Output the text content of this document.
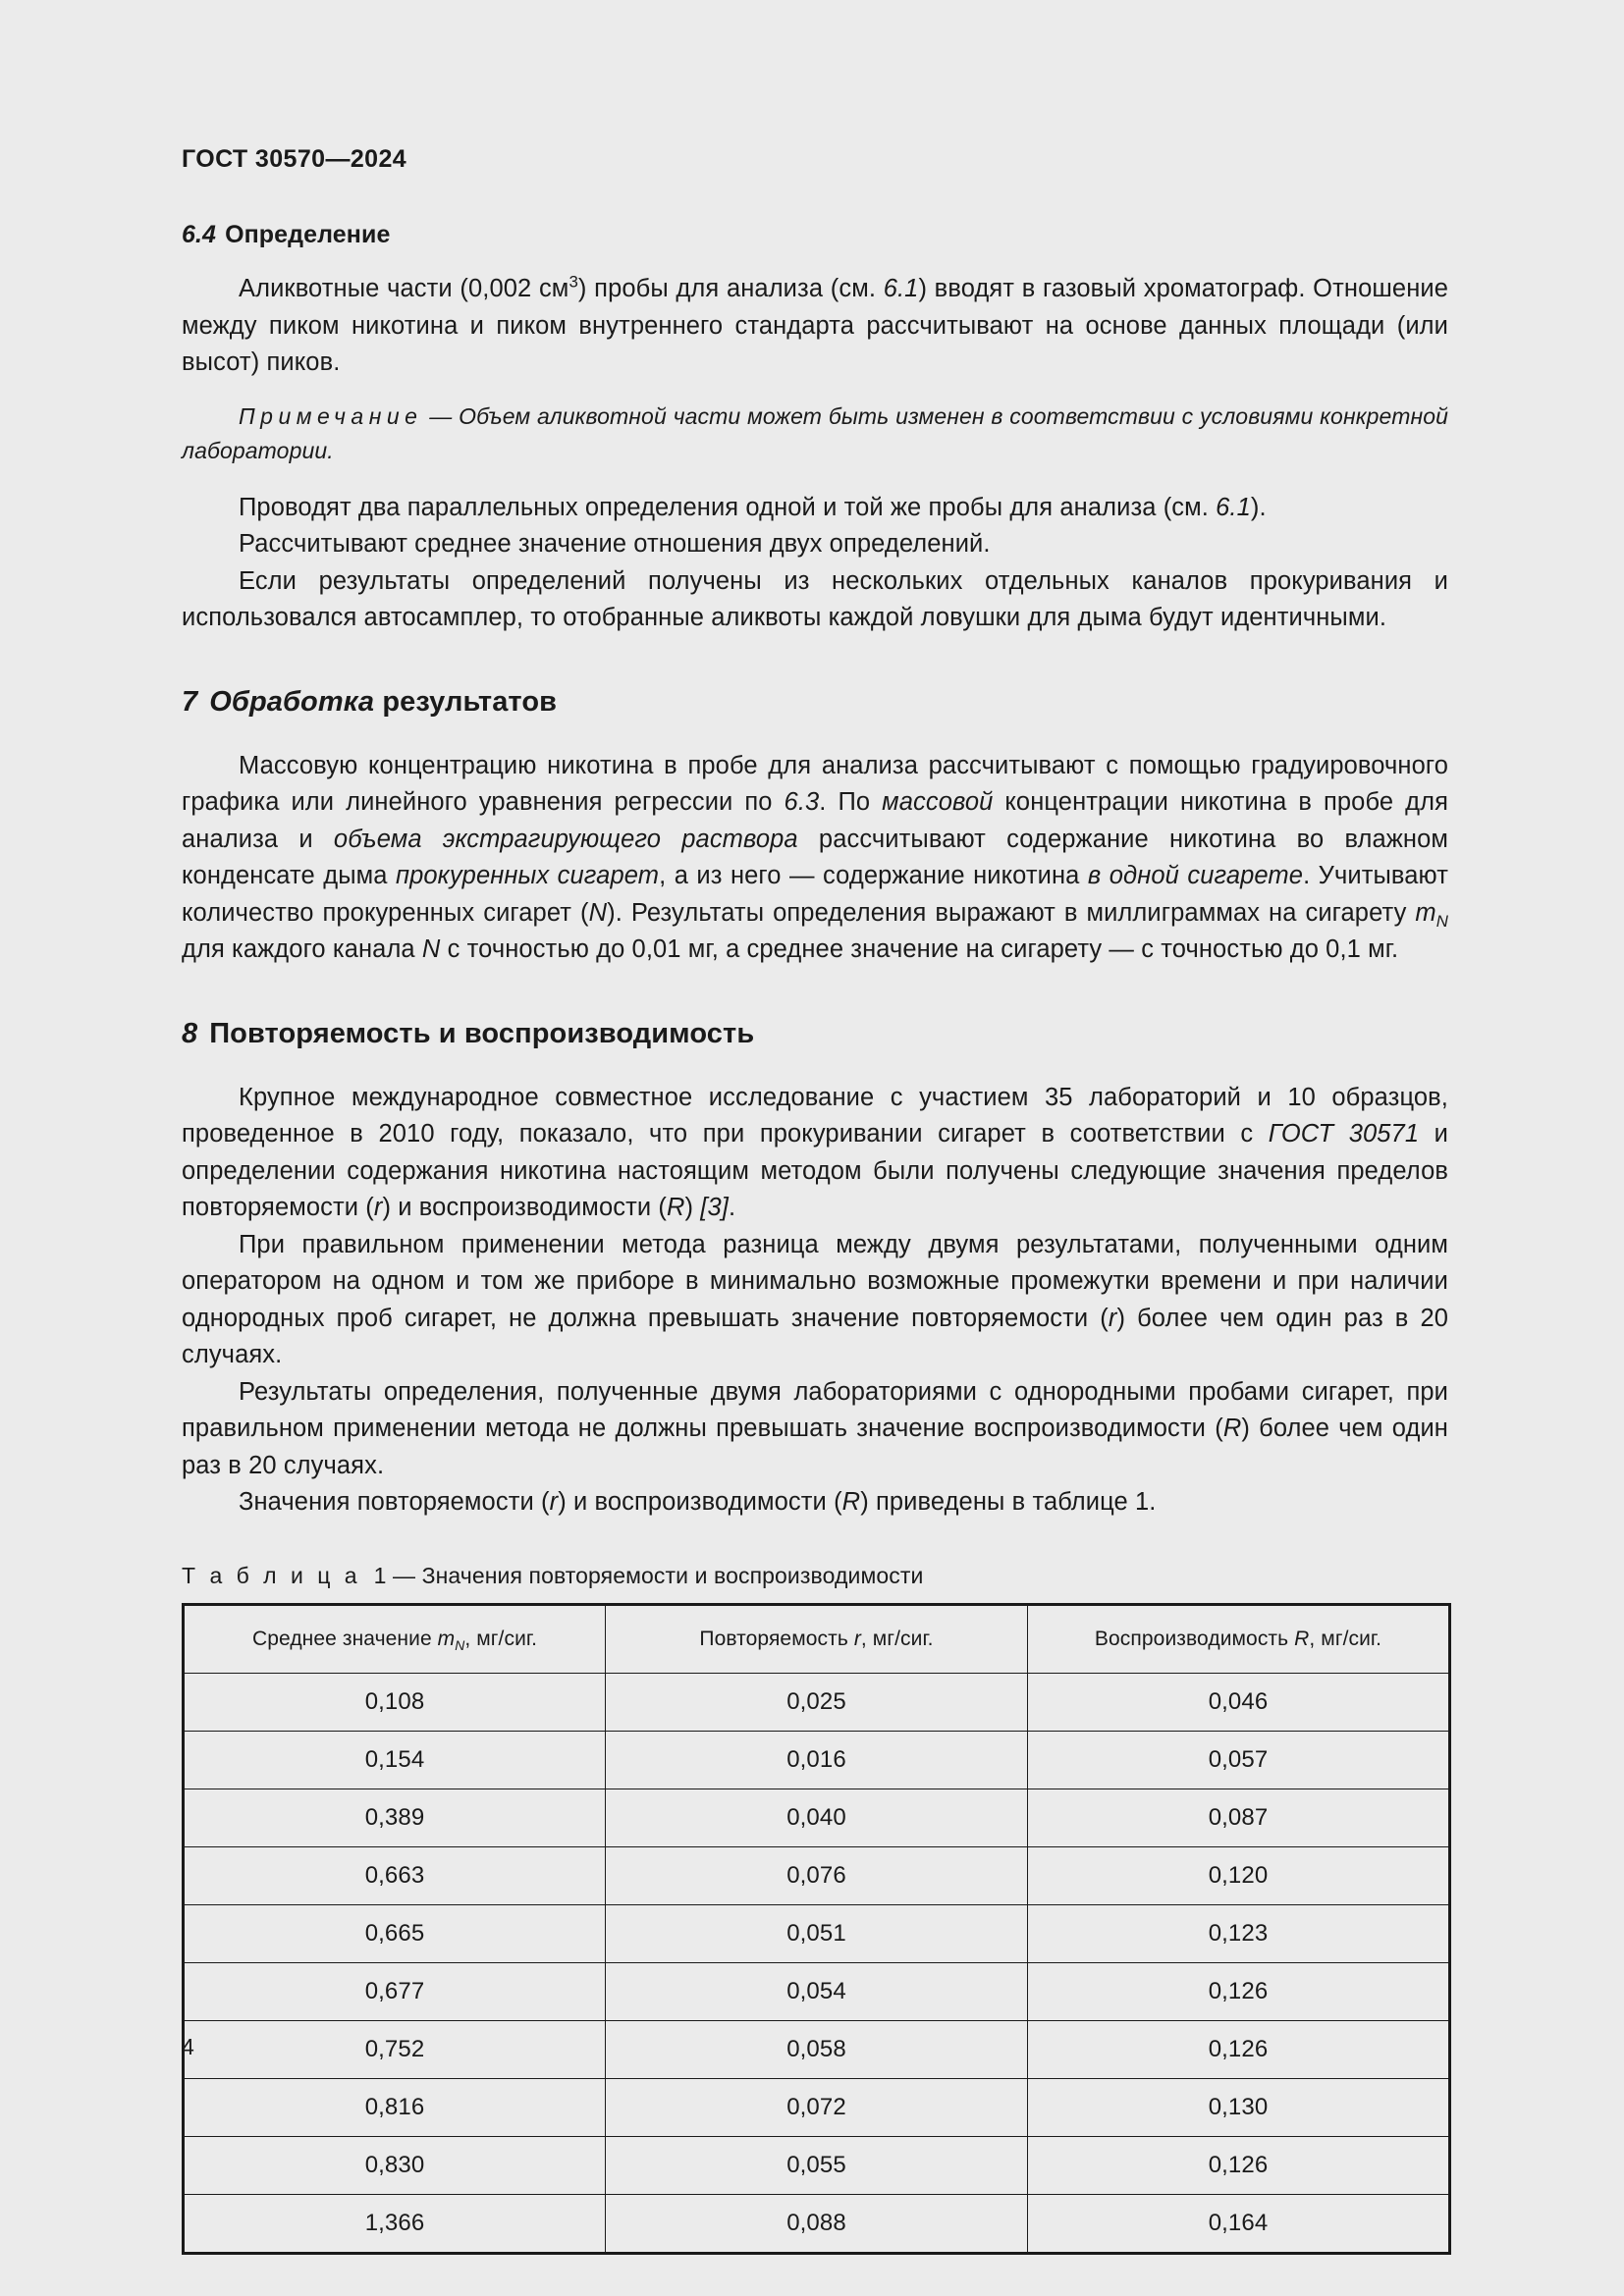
ГОСТ 30570—2024
6.4 Определение

Аликвотные части (0,002 $см^3$) пробы для анализа (см. 6.1) вводят в газовый хроматограф. Отношение между пиком никотина и пиком внутреннего стандарта рассчитывают на основе данных площади (или высот) пиков.

Примечание — Объем аликвотной части может быть изменен в соответствии с условиями конкретной лаборатории.

Проводят два параллельных определения одной и той же пробы для анализа (см. 6.1).

Рассчитывают среднее значение отношения двух определений.

Если результаты определений получены из нескольких отдельных каналов прокуривания и использовался автосамплер, то отобранные аликвоты каждой ловушки для дыма будут идентичными.

7 Обработка результатов

Массовую концентрацию никотина в пробе для анализа рассчитывают с помощью градуировочного графика или линейного уравнения регрессии по 6.3. По массовой концентрации никотина в пробе для анализа и объема экстрагирующего раствора рассчитывают содержание никотина во влажном конденсате дыма прокуренных сигарет, а из него — содержание никотина в одной сигарете. Учитывают количество прокуренных сигарет (N). Результаты определения выражают в миллиграммах на сигарету $m_N$ для каждого канала N с точностью до 0,01 мг, а среднее значение на сигарету — с точностью до 0,1 мг.

8 Повторяемость и воспроизводимость

Крупное международное совместное исследование с участием 35 лабораторий и 10 образцов, проведенное в 2010 году, показало, что при прокуривании сигарет в соответствии с ГОСТ 30571 и определении содержания никотина настоящим методом были получены следующие значения пределов повторяемости (r) и воспроизводимости (R) [3].

При правильном применении метода разница между двумя результатами, полученными одним оператором на одном и том же приборе в минимально возможные промежутки времени и при наличии однородных проб сигарет, не должна превышать значение повторяемости (r) более чем один раз в 20 случаях.

Результаты определения, полученные двумя лабораториями с однородными пробами сигарет, при правильном применении метода не должны превышать значение воспроизводимости (R) более чем один раз в 20 случаях.

Значения повторяемости (r) и воспроизводимости (R) приведены в таблице 1.

Т а б л и ц а 1 — Значения повторяемости и воспроизводимости
Среднее значение $m_N$, мг/сиг.	Повторяемость r, мг/сиг.	Воспроизводимость R, мг/сиг.
0,108	0,025	0,046
0,154	0,016	0,057
0,389	0,040	0,087
0,663	0,076	0,120
0,665	0,051	0,123
0,677	0,054	0,126
0,752	0,058	0,126
0,816	0,072	0,130
0,830	0,055	0,126
1,366	0,088	0,164
4
